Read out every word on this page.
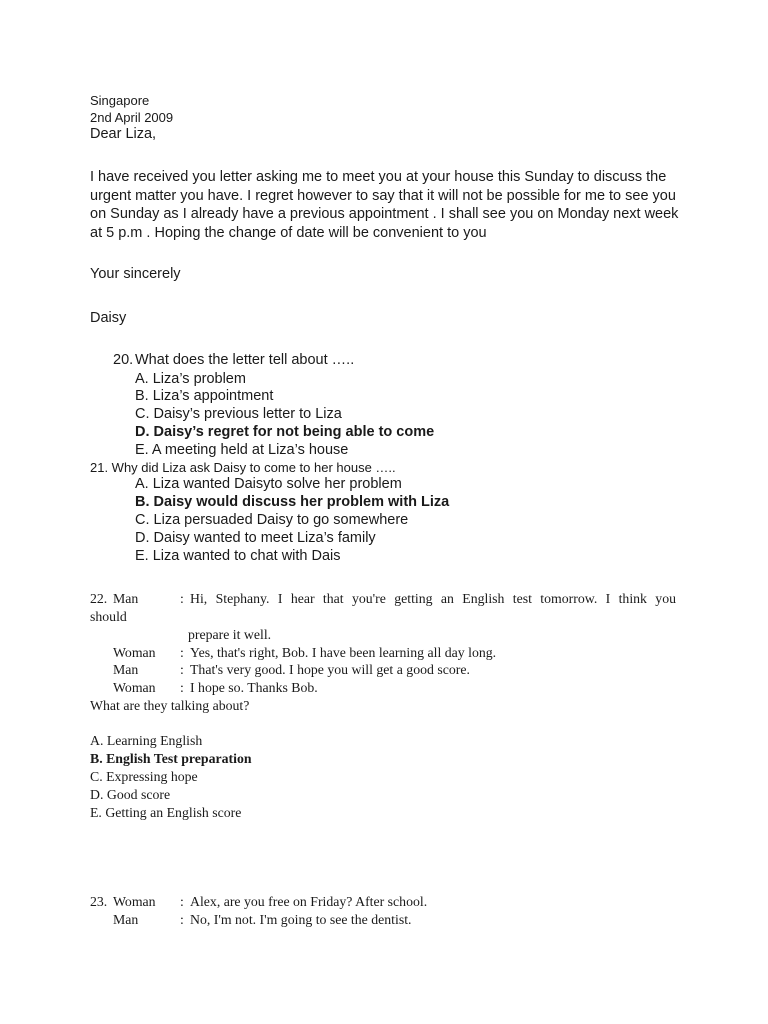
Singapore
2nd April 2009
Dear Liza,
I have received you letter asking me to meet you at your house this Sunday to discuss the urgent matter you have. I regret however to say that it will not be possible for me to see you on Sunday as I already have a previous appointment . I shall see you on Monday next week at 5 p.m . Hoping the change of date will be convenient to you
Your sincerely
Daisy
20. What does the letter tell about …..
A. Liza’s problem
B. Liza’s appointment
C. Daisy’s previous letter to Liza
D. Daisy’s regret for not being able to come
E. A meeting held at Liza’s house
21. Why did Liza ask Daisy to come to her house …..
A. Liza wanted Daisyto solve her problem
B. Daisy would discuss her problem with Liza
C. Liza persuaded Daisy to go somewhere
D. Daisy wanted to meet Liza’s family
E. Liza wanted to chat with Dais
22. Man	: Hi, Stephany. I hear that you're getting an English test tomorrow. I think you
should
prepare it well.
Woman : Yes, that's right, Bob. I have been learning all day long.
Man	: That's very good. I hope you will get a good score.
Woman : I hope so. Thanks Bob.
What are they talking about?
A. Learning English
B. English Test preparation
C. Expressing hope
D. Good score
E. Getting an English score
23. Woman : Alex, are you free on Friday? After school.
Man	: No, I'm not. I'm going to see the dentist.
